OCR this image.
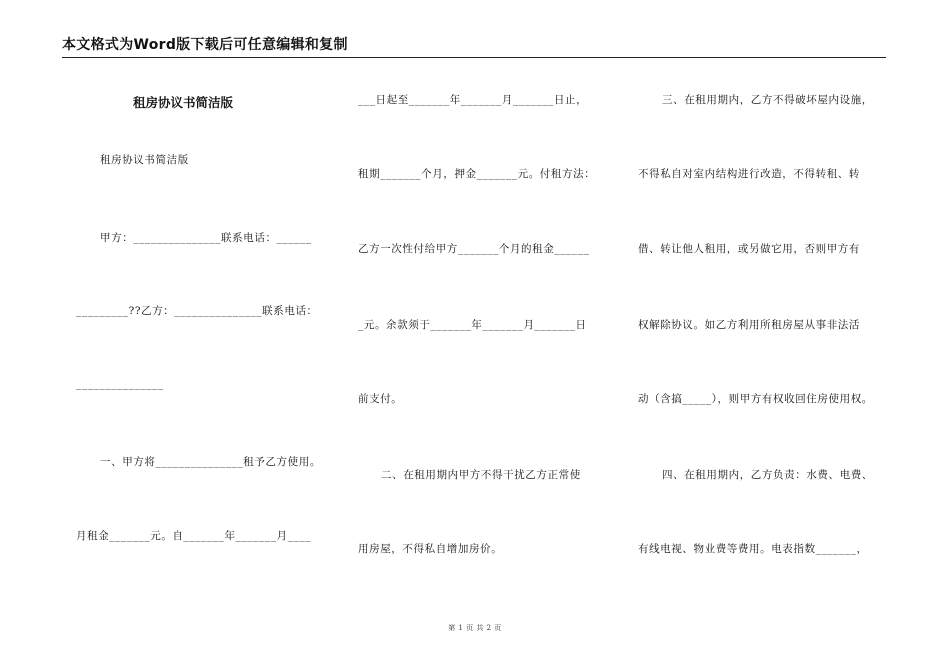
本文格式为Word版下载后可任意编辑和复制
租房协议书简洁版
租房协议书简洁版
甲方：_______________联系电话：______
_________??乙方：_______________联系电话：
_______________
一、甲方将_______________租予乙方使用。
月租金_______元。自_______年_______月____
___日起至_______年_______月_______日止，
租期_______个月，押金_______元。付租方法：
乙方一次性付给甲方_______个月的租金______
_元。余款须于_______年_______月_______日
前支付。
二、在租用期内甲方不得干扰乙方正常使
用房屋，不得私自增加房价。
三、在租用期内，乙方不得破坏屋内设施，
不得私自对室内结构进行改造，不得转租、转
借、转让他人租用，或另做它用，否则甲方有
权解除协议。如乙方利用所租房屋从事非法活
动（含搞_____），则甲方有权收回住房使用权。
四、在租用期内，乙方负责：水费、电费、
有线电视、物业费等费用。电表指数_______，
第 1 页 共 2 页
